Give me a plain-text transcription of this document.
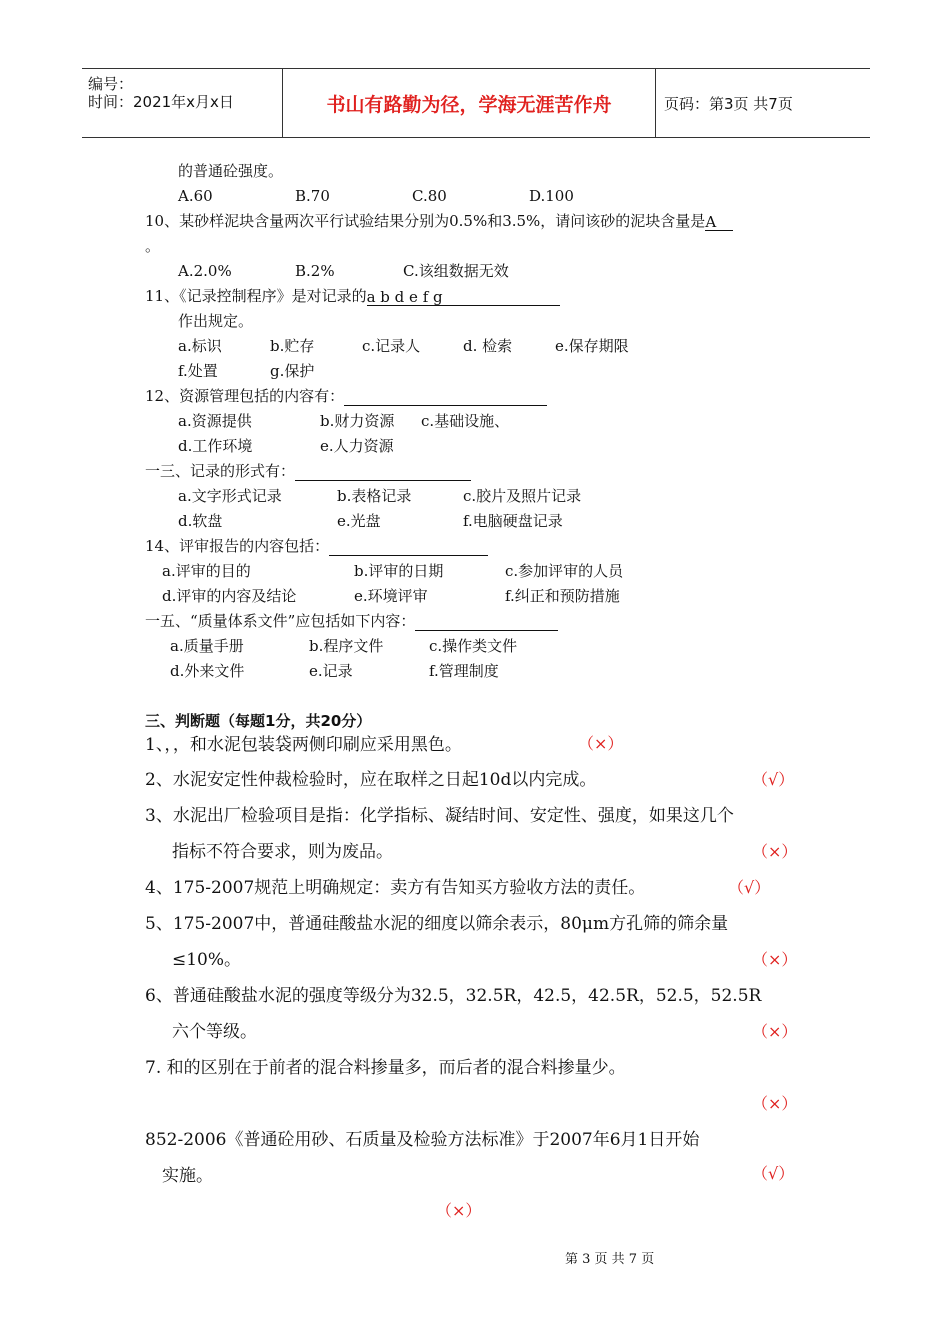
编号：
时间：2021年x月x日	书山有路勤为径，学海无涯苦作舟	页码：第3页 共7页
的普通砼强度。
A.60	B.70	C.80	D.100
10、某砂样泥块含量两次平行试验结果分别为0.5%和3.5%，请问该砂的泥块含量是A
。
A.2.0%	B.2%	C.该组数据无效
11、《记录控制程序》是对记录的a b d e f g
作出规定。
a.标识	b.贮存	c.记录人	d. 检索	e.保存期限
f.处置	g.保护
12、资源管理包括的内容有：
a.资源提供	b.财力资源 c.基础设施、
d.工作环境	e.人力资源
一三、记录的形式有：
a.文字形式记录	b.表格记录	c.胶片及照片记录
d.软盘	e.光盘	f.电脑硬盘记录
14、评审报告的内容包括：
a.评审的目的	b.评审的日期	c.参加评审的人员
d.评审的内容及结论	e.环境评审	f.纠正和预防措施
一五、“质量体系文件”应包括如下内容：
a.质量手册	b.程序文件	c.操作类文件
d.外来文件	e.记录	f.管理制度
三、判断题（每题1分，共20分）
1、，，和水泥包装袋两侧印刷应采用黑色。	（×）
2、水泥安定性仲裁检验时，应在取样之日起10d以内完成。	（√）
3、水泥出厂检验项目是指：化学指标、凝结时间、安定性、强度，如果这几个
指标不符合要求，则为废品。	（×）
4、175-2007规范上明确规定：卖方有告知买方验收方法的责任。	（√）
5、175-2007中，普通硅酸盐水泥的细度以筛余表示，80μm方孔筛的筛余量
≤10%。	（×）
6、普通硅酸盐水泥的强度等级分为32.5，32.5R，42.5，42.5R，52.5，52.5R
六个等级。	（×）
7. 和的区别在于前者的混合料掺量多，而后者的混合料掺量少。
（×）
852-2006《普通砼用砂、石质量及检验方法标准》于2007年6月1日开始
实施。	（√）
（×）
第 3 页 共 7 页
